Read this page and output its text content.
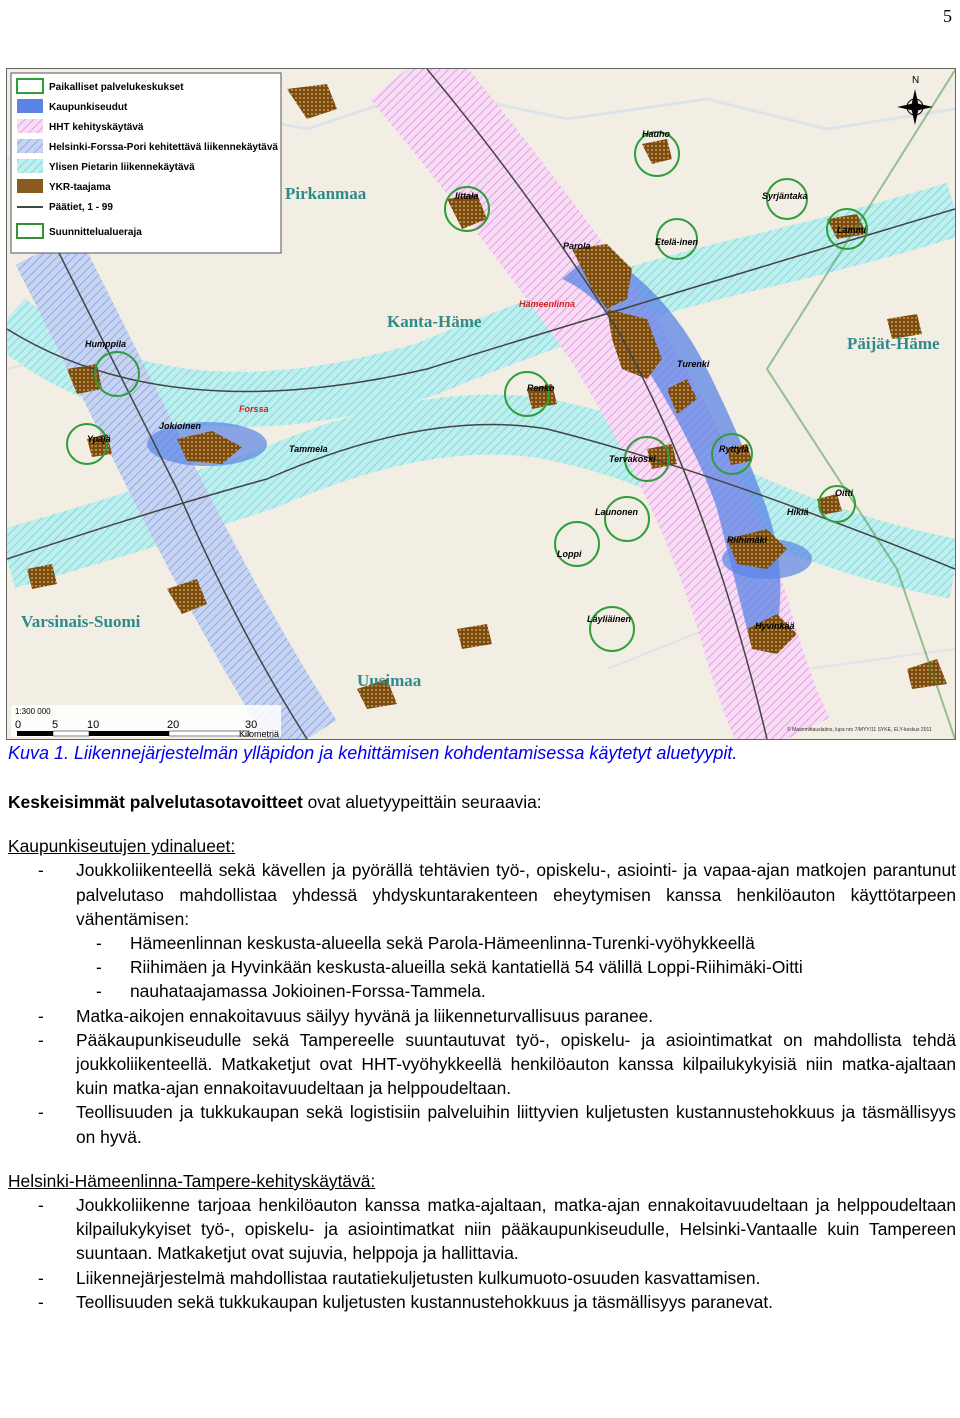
5
Paikalliset palvelukeskukset
Kaupunkiseudut
HHT kehityskäytävä
Helsinki-Forssa-Pori kehitettävä liikennekäytävä
Ylisen Pietarin liikennekäytävä
YKR-taajama
Päätiet, 1 - 99
Suunnittelualueraja
Pirkanmaa
Kanta-Häme
Päijät-Häme
Varsinais-Suomi
Uusimaa
Forssa
Hämeenlinna
Hauho
Syrjäntaka
Iittala
Lammi
Parola	Etelä-inen
Humppila
Turenki
Renko
Jokioinen
Ypäjä
Tammela
Tervakoski
Ryttylä
Oitti
Launonen	Hikiä
Riihimäki
Loppi
Läyliäinen
Hyvinkää
N
1:300 000
0	5	10	20	30
Kilometriä	© Maanmittauslaitos, lupa nro 7/MYY/11 SYKE, ELY-keskus 2011
Kuva 1. Liikennejärjestelmän ylläpidon ja kehittämisen kohdentamisessa käytetyt aluetyypit.

Keskeisimmät palvelutasotavoitteet ovat aluetyypeittäin seuraavia:

Kaupunkiseutujen ydinalueet:

-	Joukkoliikenteellä sekä kävellen ja pyörällä tehtävien työ-, opiskelu-, asiointi- ja vapaa-ajan matkojen parantunut palvelutaso mahdollistaa yhdessä yhdyskuntarakenteen eheytymisen kanssa henkilöauton käyttötarpeen vähentämisen:
-	Hämeenlinnan keskusta-alueella sekä Parola-Hämeenlinna-Turenki-vyöhykkeellä
-	Riihimäen ja Hyvinkään keskusta-alueilla sekä kantatiellä 54 välillä Loppi-Riihimäki-Oitti
-	nauhataajamassa Jokioinen-Forssa-Tammela.
-	Matka-aikojen ennakoitavuus säilyy hyvänä ja liikenneturvallisuus paranee.
-	Pääkaupunkiseudulle sekä Tampereelle suuntautuvat työ-, opiskelu- ja asiointimatkat on mahdollista tehdä joukkoliikenteellä. Matkaketjut ovat HHT-vyöhykkeellä henkilöauton kanssa kilpailukykyisiä niin matka-ajaltaan kuin matka-ajan ennakoitavuudeltaan ja helppoudeltaan.
-	Teollisuuden ja tukkukaupan sekä logistisiin palveluihin liittyvien kuljetusten kustannustehokkuus ja täsmällisyys on hyvä.

Helsinki-Hämeenlinna-Tampere-kehityskäytävä:

-	Joukkoliikenne tarjoaa henkilöauton kanssa matka-ajaltaan, matka-ajan ennakoitavuudeltaan ja helppoudeltaan kilpailukykyiset työ-, opiskelu- ja asiointimatkat niin pääkaupunkiseudulle, Helsinki-Vantaalle kuin Tampereen suuntaan. Matkaketjut ovat sujuvia, helppoja ja hallittavia.
-	Liikennejärjestelmä mahdollistaa rautatiekuljetusten kulkumuoto-osuuden kasvattamisen.
-	Teollisuuden sekä tukkukaupan kuljetusten kustannustehokkuus ja täsmällisyys paranevat.
